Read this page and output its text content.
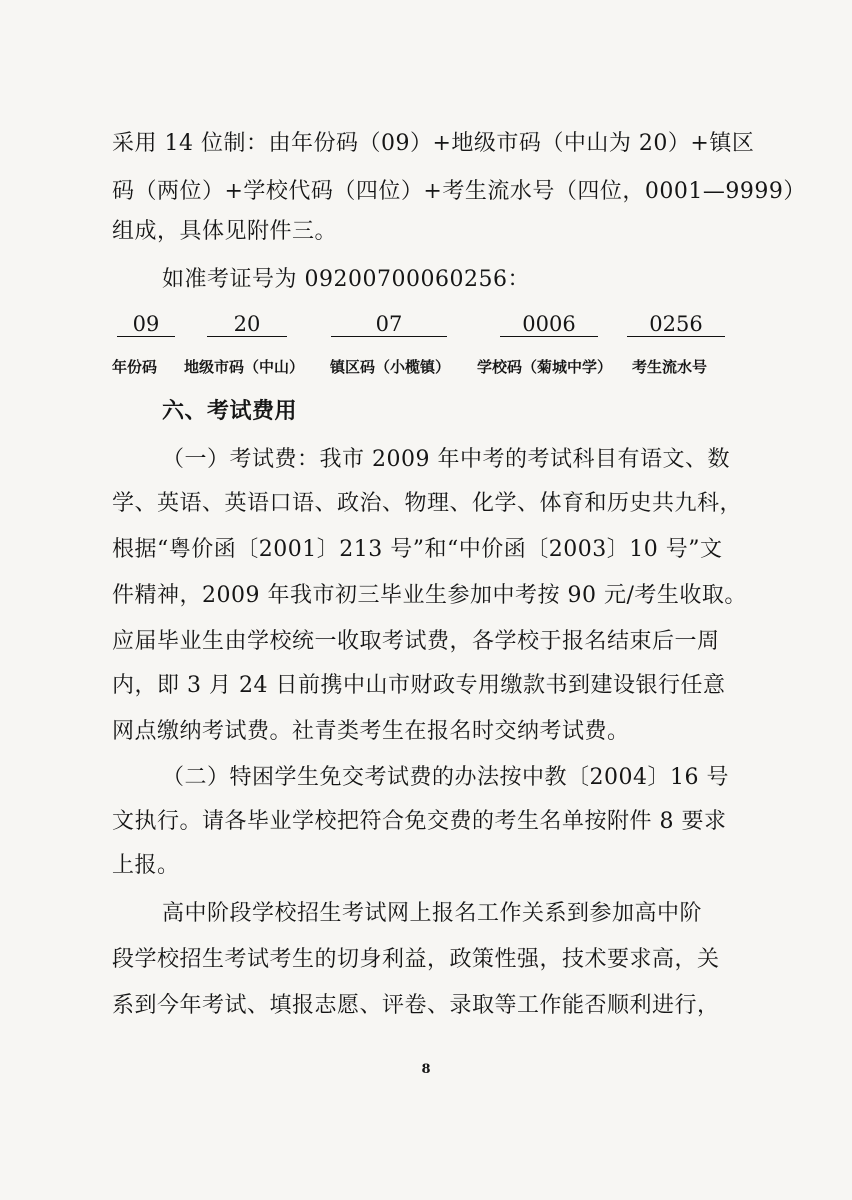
采用 14 位制：由年份码（09）+地级市码（中山为 20）+镇区
码（两位）+学校代码（四位）+考生流水号（四位，0001—9999）
组成，具体见附件三。
如准考证号为 09200700060256：
09	20	07	0006	0256
年份码 地级市码（中山） 镇区码（小榄镇） 学校码（菊城中学） 考生流水号
六、考试费用
（一）考试费：我市 2009 年中考的考试科目有语文、数
学、英语、英语口语、政治、物理、化学、体育和历史共九科，
根据“粤价函〔2001〕213 号”和“中价函〔2003〕10 号”文
件精神，2009 年我市初三毕业生参加中考按 90 元/考生收取。
应届毕业生由学校统一收取考试费，各学校于报名结束后一周
内，即 3 月 24 日前携中山市财政专用缴款书到建设银行任意
网点缴纳考试费。社青类考生在报名时交纳考试费。
（二）特困学生免交考试费的办法按中教〔2004〕16 号
文执行。请各毕业学校把符合免交费的考生名单按附件 8 要求
上报。
高中阶段学校招生考试网上报名工作关系到参加高中阶
段学校招生考试考生的切身利益，政策性强，技术要求高，关
系到今年考试、填报志愿、评卷、录取等工作能否顺利进行，
8
